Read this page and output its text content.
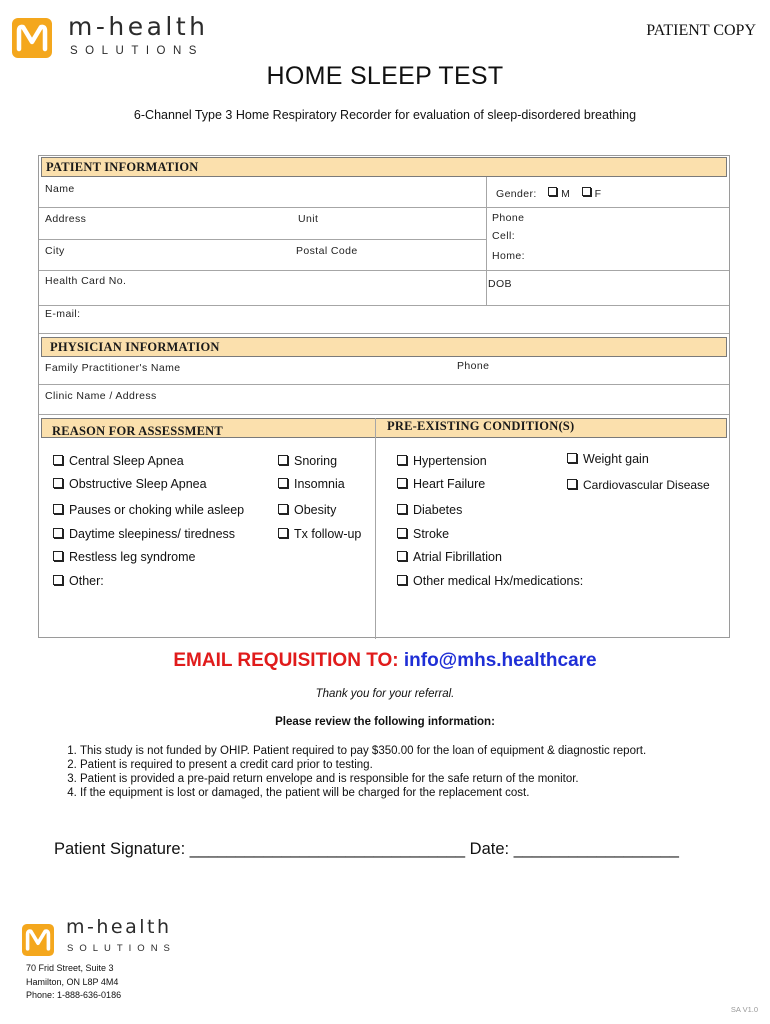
m-health
SOLUTIONS
PATIENT COPY
HOME SLEEP TEST
6-Channel Type 3 Home Respiratory Recorder for evaluation of sleep-disordered breathing
PATIENT INFORMATION
Name	Gender: M F
Address	Unit	Phone
Cell:
City	Postal Code	Home:
Health Card No.	DOB
E-mail:
PHYSICIAN INFORMATION
Family Practitioner's Name	Phone
Clinic Name / Address
REASON FOR ASSESSMENT	PRE-EXISTING CONDITION(S)
Central Sleep Apnea
Obstructive Sleep Apnea
Pauses or choking while asleep
Daytime sleepiness/ tiredness
Restless leg syndrome
Other:
Snoring
Insomnia
Obesity
Tx follow-up
Hypertension
Heart Failure
Diabetes
Stroke
Atrial Fibrillation
Other medical Hx/medications:
Weight gain
Cardiovascular Disease
EMAIL REQUISITION TO: info@mhs.healthcare
Thank you for your referral.
Please review the following information:
1. This study is not funded by OHIP. Patient required to pay $350.00 for the loan of equipment & diagnostic report.
2. Patient is required to present a credit card prior to testing.
3. Patient is provided a pre-paid return envelope and is responsible for the safe return of the monitor.
4. If the equipment is lost or damaged, the patient will be charged for the replacement cost.
Patient Signature: ______________________________ Date: __________________
m-health
SOLUTIONS
70 Frid Street, Suite 3
Hamilton, ON L8P 4M4
Phone: 1-888-636-0186
SA V1.0
